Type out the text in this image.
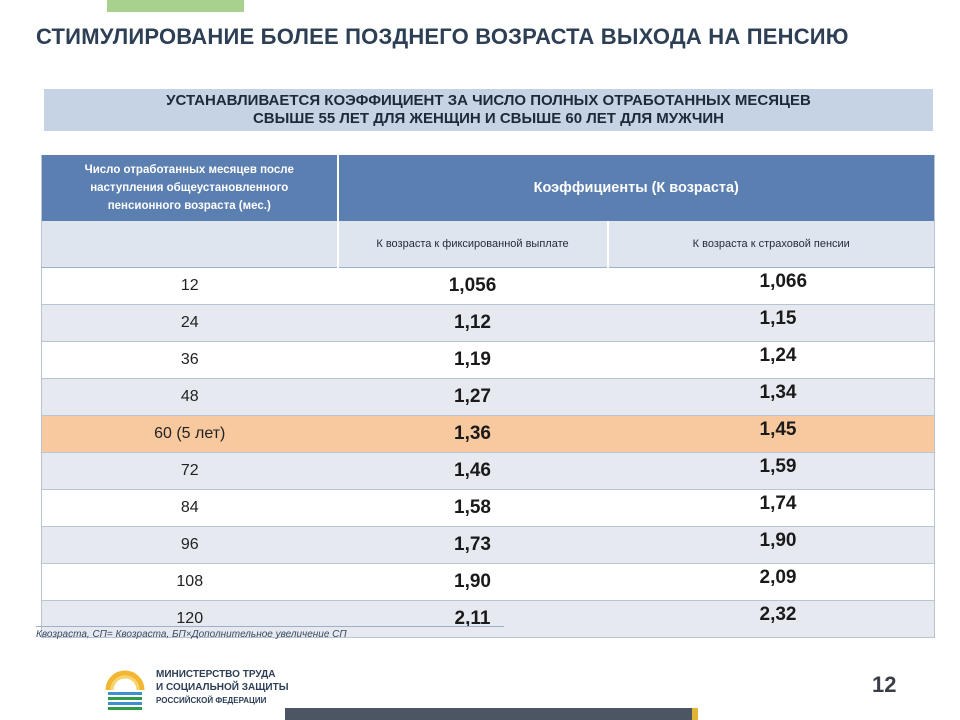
СТИМУЛИРОВАНИЕ БОЛЕЕ ПОЗДНЕГО ВОЗРАСТА ВЫХОДА НА ПЕНСИЮ
УСТАНАВЛИВАЕТСЯ КОЭФФИЦИЕНТ ЗА ЧИСЛО ПОЛНЫХ ОТРАБОТАННЫХ МЕСЯЦЕВ
СВЫШЕ 55 ЛЕТ ДЛЯ ЖЕНЩИН И СВЫШЕ 60 ЛЕТ ДЛЯ МУЖЧИН
Число отработанных месяцев после наступления общеустановленного пенсионного возраста (мес.)	Коэффициенты (К возраста)	
	К возраста к фиксированной выплате	К возраста к страховой пенсии
12	1,056	1,066
24	1,12	1,15
36	1,19	1,24
48	1,27	1,34
60 (5 лет)	1,36	1,45
72	1,46	1,59
84	1,58	1,74
96	1,73	1,90
108	1,90	2,09
120	2,11	2,32
Квозраста, СП= Квозраста, БП×Дополнительное увеличение СП
МИНИСТЕРСТВО ТРУДА
И СОЦИАЛЬНОЙ ЗАЩИТЫ
РОССИЙСКОЙ ФЕДЕРАЦИИ
12
